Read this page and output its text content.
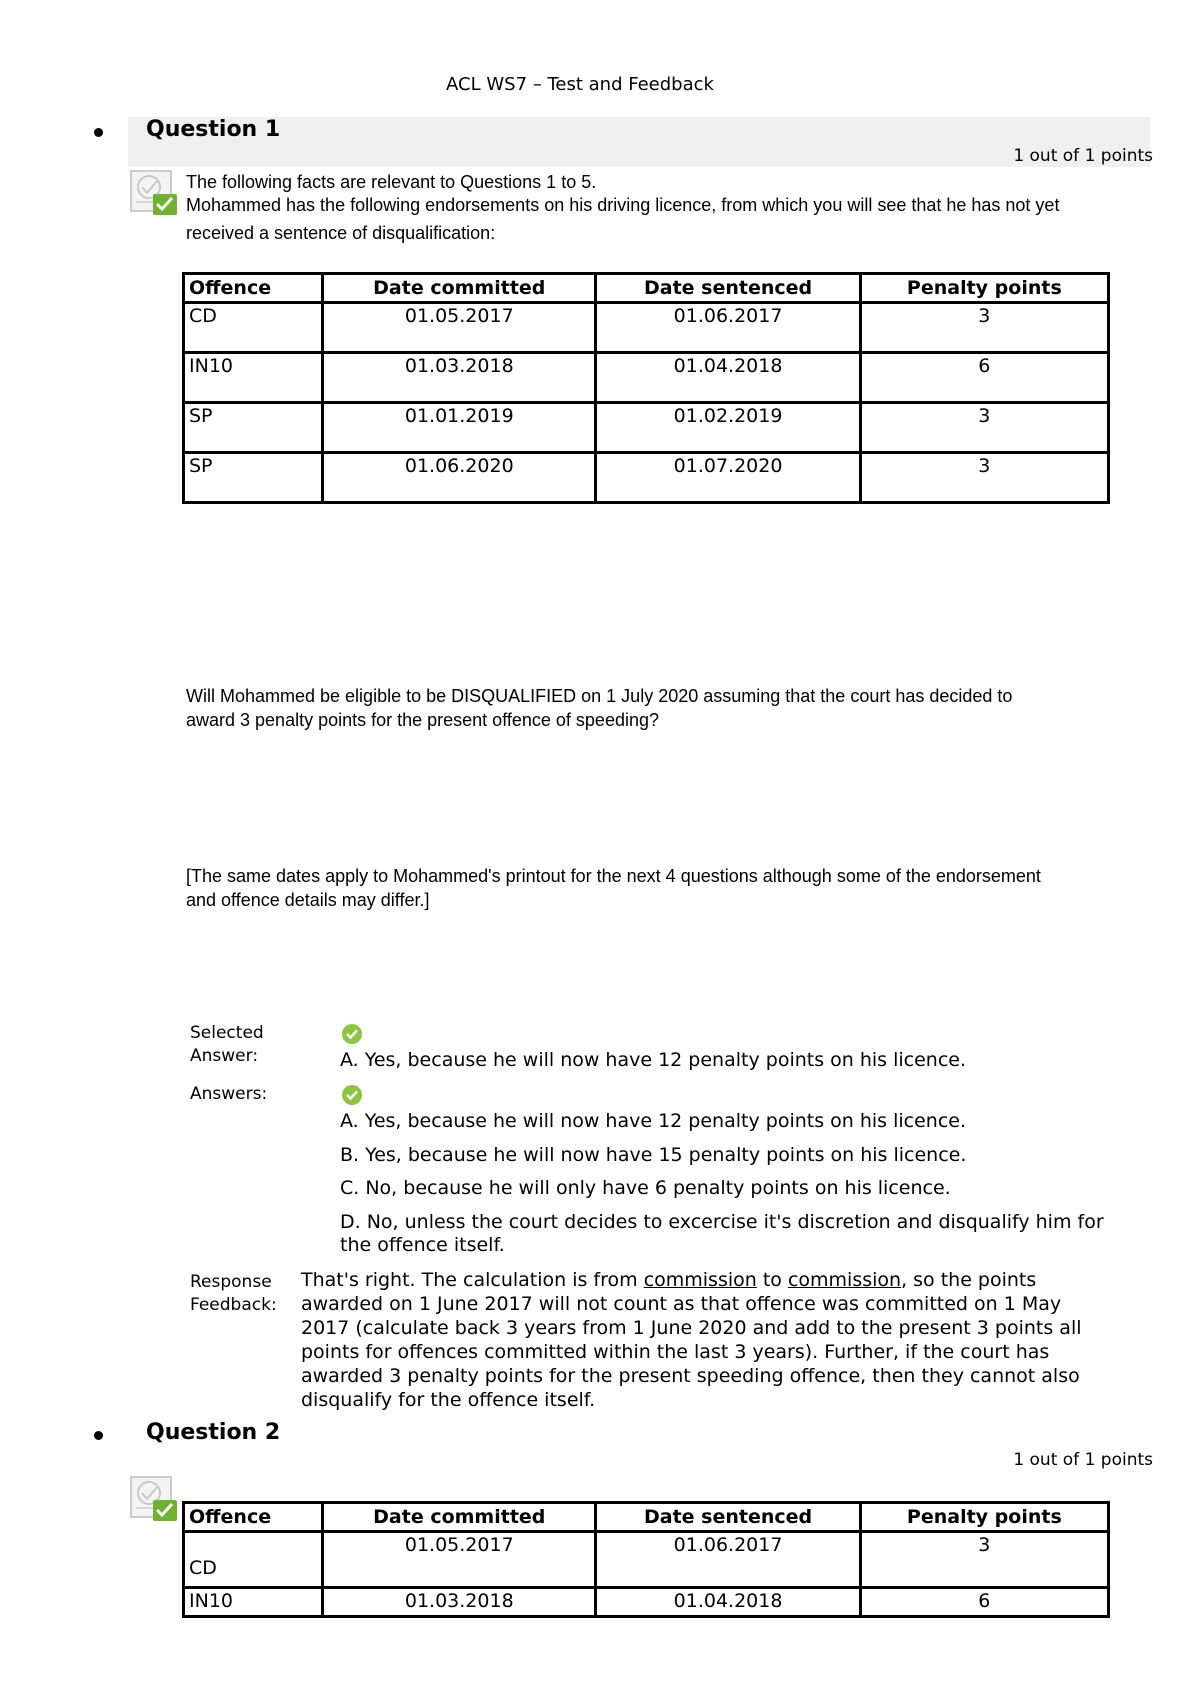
ACL WS7 – Test and Feedback
Question 1
1 out of 1 points
The following facts are relevant to Questions 1 to 5.
Mohammed has the following endorsements on his driving licence, from which you will see that he has not yet
received a sentence of disqualification:
Offence	Date committed	Date sentenced	Penalty points
CD	01.05.2017	01.06.2017	3
IN10	01.03.2018	01.04.2018	6
SP	01.01.2019	01.02.2019	3
SP	01.06.2020	01.07.2020	3
Will Mohammed be eligible to be DISQUALIFIED on 1 July 2020 assuming that the court has decided to
award 3 penalty points for the present offence of speeding?
[The same dates apply to Mohammed's printout for the next 4 questions although some of the endorsement
and offence details may differ.]
Selected
Answer:	A. Yes, because he will now have 12 penalty points on his licence.
Answers:
A. Yes, because he will now have 12 penalty points on his licence.
B. Yes, because he will now have 15 penalty points on his licence.
C. No, because he will only have 6 penalty points on his licence.
D. No, unless the court decides to excercise it's discretion and disqualify him for
the offence itself.
Response
Feedback:
That's right. The calculation is from commission to commission, so the points
awarded on 1 June 2017 will not count as that offence was committed on 1 May
2017 (calculate back 3 years from 1 June 2020 and add to the present 3 points all
points for offences committed within the last 3 years). Further, if the court has
awarded 3 penalty points for the present speeding offence, then they cannot also
disqualify for the offence itself.
Question 2
1 out of 1 points
Offence	Date committed	Date sentenced	Penalty points
CD	01.05.2017	01.06.2017	3
IN10	01.03.2018	01.04.2018	6
